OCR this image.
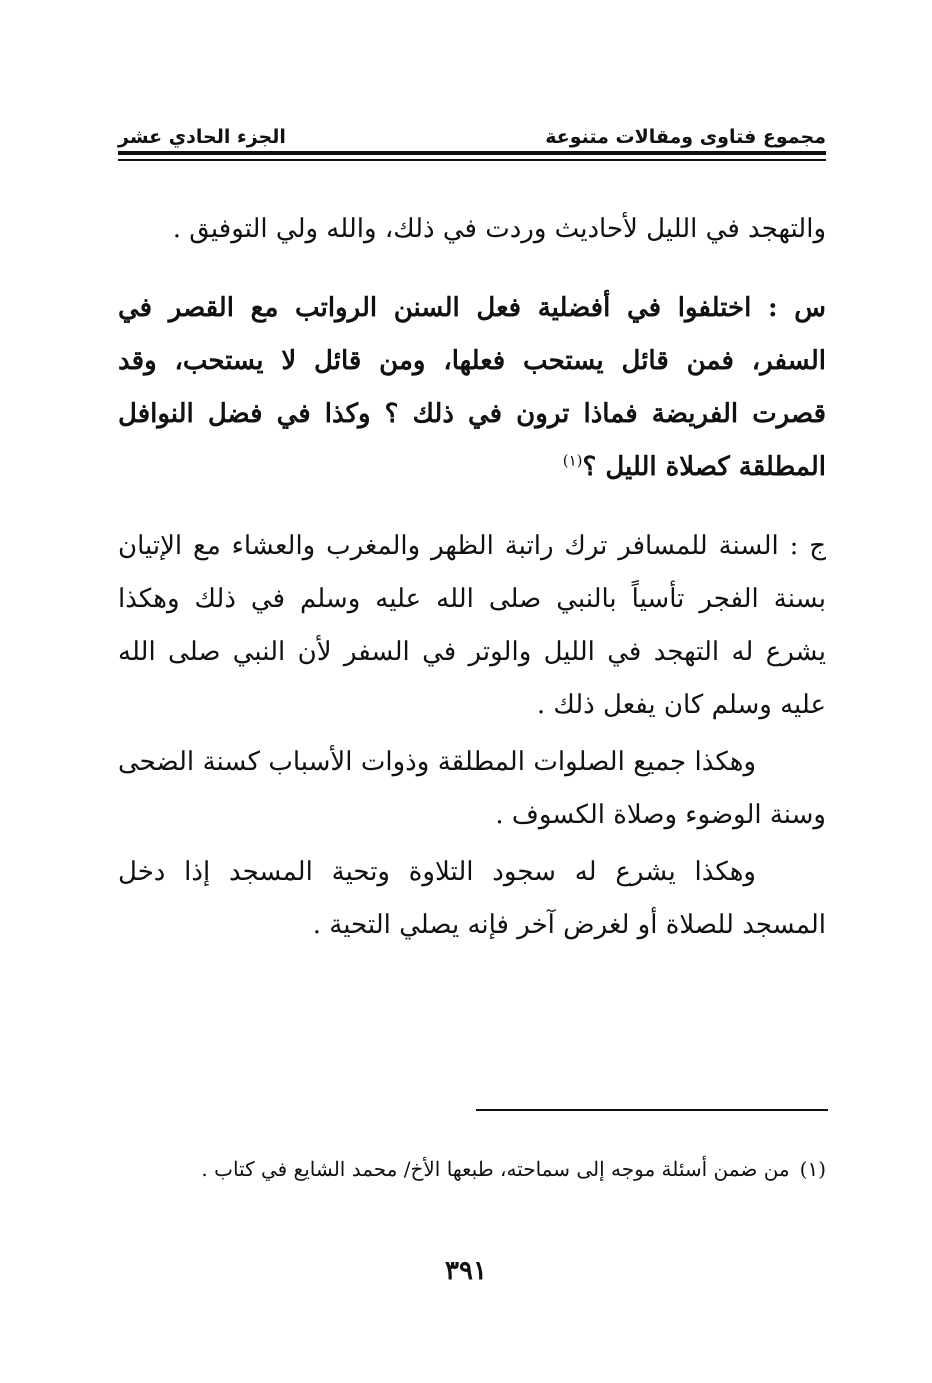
مجموع فتاوى ومقالات متنوعة
الجزء الحادي عشر

والتهجد في الليل لأحاديث وردت في ذلك، والله ولي التوفيق .

س : اختلفوا في أفضلية فعل السنن الرواتب مع القصر في السفر، فمن قائل يستحب فعلها، ومن قائل لا يستحب، وقد قصرت الفريضة فماذا ترون في ذلك ؟ وكذا في فضل النوافل المطلقة كصلاة الليل ؟$^{(١)}$

ج : السنة للمسافر ترك راتبة الظهر والمغرب والعشاء مع الإتيان بسنة الفجر تأسياً بالنبي صلى الله عليه وسلم في ذلك وهكذا يشرع له التهجد في الليل والوتر في السفر لأن النبي صلى الله عليه وسلم كان يفعل ذلك .

وهكذا جميع الصلوات المطلقة وذوات الأسباب كسنة الضحى وسنة الوضوء وصلاة الكسوف .

وهكذا يشرع له سجود التلاوة وتحية المسجد إذا دخل المسجد للصلاة أو لغرض آخر فإنه يصلي التحية .

(١)من ضمن أسئلة موجه إلى سماحته، طبعها الأخ/ محمد الشايع في كتاب .
٣٩١
